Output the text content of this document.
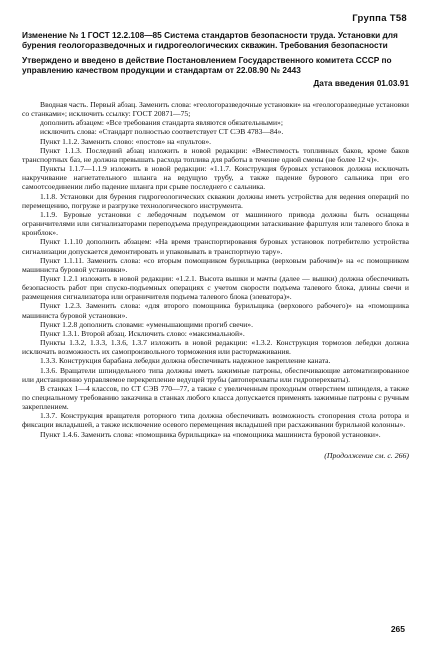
Группа Т58
Изменение № 1 ГОСТ 12.2.108—85 Система стандартов безопасности труда. Установки для бурения геологоразведочных и гидрогеологических скважин. Требования безопасности
Утверждено и введено в действие Постановлением Государственного комитета СССР по управлению качеством продукции и стандартам от 22.08.90 № 2443
Дата введения 01.03.91

Вводная часть. Первый абзац. Заменить слова: «геологоразведочные установки» на «геологоразведные установки со станками»; исключить ссылку: ГОСТ 20871—75;

дополнить абзацем: «Все требования стандарта являются обязательными»;

исключить слова: «Стандарт полностью соответствует СТ СЭВ 4783—84».

Пункт 1.1.2. Заменить слово: «постов» на «пультов».

Пункт 1.1.3. Последний абзац изложить в новой редакции: «Вместимость топливных баков, кроме баков транспортных баз, не должна превышать расхода топлива для работы в течение одной смены (не более 12 ч)».

Пункты 1.1.7—1.1.9 изложить в новой редакции: «1.1.7. Конструкция буровых установок должна исключать накручивание нагнетательного шланга на ведущую трубу, а также падение бурового сальника при его самоотсоединении либо падение шланга при срыве последнего с сальника.

1.1.8. Установки для бурения гидрогеологических скважин должны иметь устройства для ведения операций по перемещению, погрузке и разгрузке технологического инструмента.

1.1.9. Буровые установки с лебедочным подъемом от машинного привода должны быть оснащены ограничителями или сигнализаторами переподъема предупреждающими затаскивание фарштуля или талевого блока в кронблок».

Пункт 1.1.10 дополнить абзацем: «На время транспортирования буровых установок потребителю устройства сигнализации допускается демонтировать и упаковывать в транспортную тару».

Пункт 1.1.11. Заменить слова: «со вторым помощником бурильщика (верховым рабочим)» на «с помощником машиниста буровой установки».

Пункт 1.2.1 изложить в новой редакции: «1.2.1. Высота вышки и мачты (далее — вышки) должна обеспечивать безопасность работ при спуско-подъемных операциях с учетом скорости подъема талевого блока, длины свечи и размещения сигнализатора или ограничителя подъема талевого блока (элеватора)».

Пункт 1.2.3. Заменить слова: «для второго помощника бурильщика (верхового рабочего)» на «помощника машиниста буровой установки».

Пункт 1.2.8 дополнить словами: «уменьшающими прогиб свечи».

Пункт 1.3.1. Второй абзац. Исключить слово: «максимальной».

Пункты 1.3.2, 1.3.3, 1.3.6, 1.3.7 изложить в новой редакции: «1.3.2. Конструкция тормозов лебедки должна исключать возможность их самопроизвольного торможения или растормаживания.

1.3.3. Конструкция барабана лебедки должна обеспечивать надежное закрепление каната.

1.3.6. Вращатели шпиндельного типа должны иметь зажимные патроны, обеспечивающие автоматизированное или дистанционно управляемое перекрепление ведущей трубы (автоперехваты или гидроперехваты).

В станках 1—4 классов, по СТ СЭВ 770—77, а также с увеличенным проходным отверстием шпинделя, а также по специальному требованию заказчика в станках любого класса допускается применять зажимные патроны с ручным закреплением.

1.3.7. Конструкция вращателя роторного типа должна обеспечивать возможность стопорения стола ротора и фиксации вкладышей, а также исключение осевого перемещения вкладышей при расхаживании бурильной колонны».

Пункт 1.4.6. Заменить слова: «помощника бурильщика» на «помощника машиниста буровой установки».

(Продолжение см. с. 266)
265
